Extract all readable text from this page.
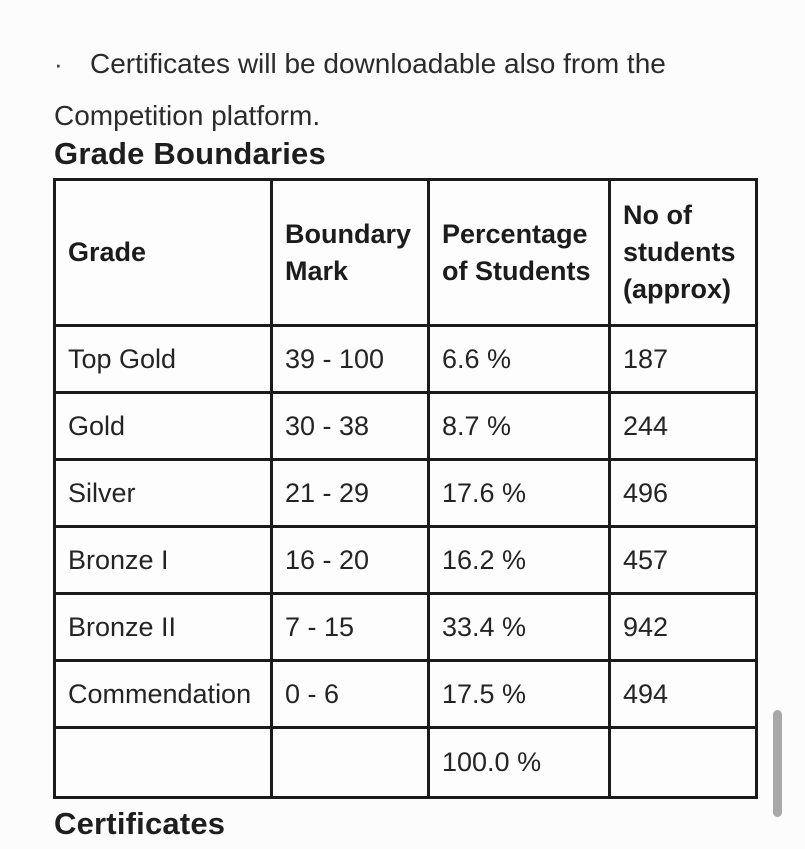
· Certificates will be downloadable also from the
Competition platform.
Grade Boundaries
Grade	Boundary Mark	Percentage of Students	No of students (approx)
Top Gold	39 - 100	6.6 %	187
Gold	30 - 38	8.7 %	244
Silver	21 - 29	17.6 %	496
Bronze I	16 - 20	16.2 %	457
Bronze II	7 - 15	33.4 %	942
Commendation	0 - 6	17.5 %	494
		100.0 %	
Certificates
